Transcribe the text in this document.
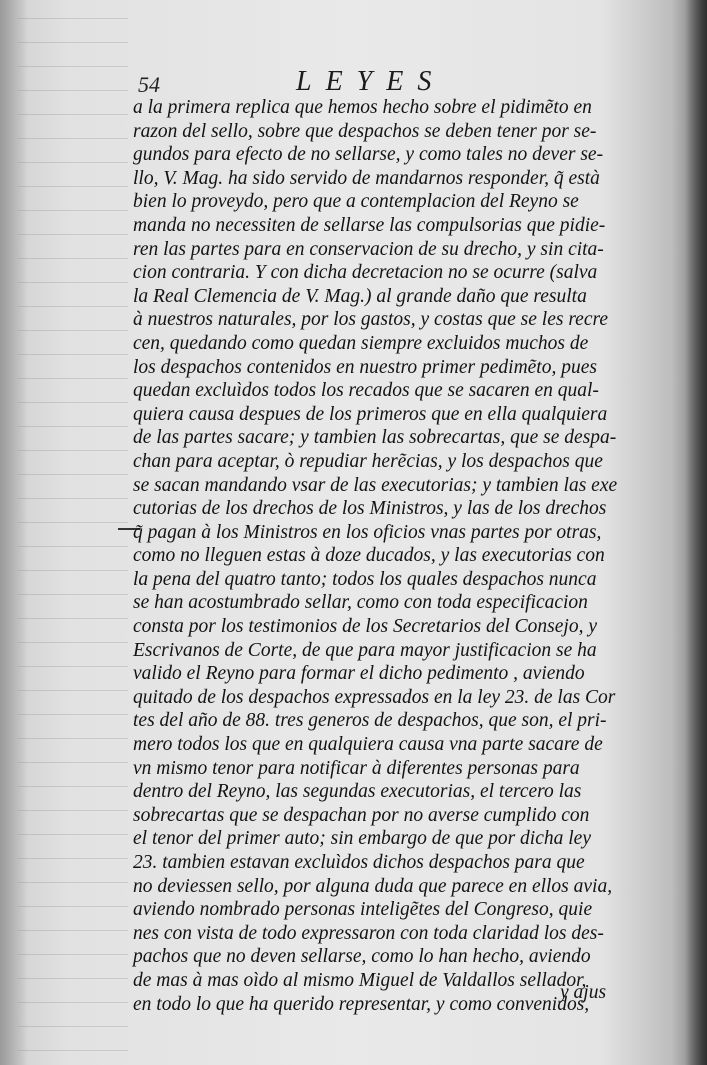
54	LEYES
a la primera replica que hemos hecho sobre el pidimẽto en
razon del sello, sobre que despachos se deben tener por se-
gundos para efecto de no sellarse, y como tales no dever se-
llo, V. Mag. ha sido servido de mandarnos responder, q̃ està
bien lo proveydo, pero que a contemplacion del Reyno se
manda no necessiten de sellarse las compulsorias que pidie-
ren las partes para en conservacion de su drecho, y sin cita-
cion contraria. Y con dicha decretacion no se ocurre (salva
la Real Clemencia de V. Mag.) al grande daño que resulta
à nuestros naturales, por los gastos, y costas que se les recre
cen, quedando como quedan siempre excluidos muchos de
los despachos contenidos en nuestro primer pedimẽto, pues
quedan excluìdos todos los recados que se sacaren en qual-
quiera causa despues de los primeros que en ella qualquiera
de las partes sacare; y tambien las sobrecartas, que se despa-
chan para aceptar, ò repudiar herẽcias, y los despachos que
se sacan mandando vsar de las executorias; y tambien las exe
cutorias de los drechos de los Ministros, y las de los drechos
q̃ pagan à los Ministros en los oficios vnas partes por otras,
como no lleguen estas à doze ducados, y las executorias con
la pena del quatro tanto; todos los quales despachos nunca
se han acostumbrado sellar, como con toda especificacion
consta por los testimonios de los Secretarios del Consejo, y
Escrivanos de Corte, de que para mayor justificacion se ha
valido el Reyno para formar el dicho pedimento , aviendo
quitado de los despachos expressados en la ley 23. de las Cor
tes del año de 88. tres generos de despachos, que son, el pri-
mero todos los que en qualquiera causa vna parte sacare de
vn mismo tenor para notificar à diferentes personas para
dentro del Reyno, las segundas executorias, el tercero las
sobrecartas que se despachan por no averse cumplido con
el tenor del primer auto; sin embargo de que por dicha ley
23. tambien estavan excluìdos dichos despachos para que
no deviessen sello, por alguna duda que parece en ellos avia,
aviendo nombrado personas inteligẽtes del Congreso, quie
nes con vista de todo expressaron con toda claridad los des-
pachos que no deven sellarse, como lo han hecho, aviendo
de mas à mas oìdo al mismo Miguel de Valdallos sellador,
en todo lo que ha querido representar, y como convenidos,
y ajus
